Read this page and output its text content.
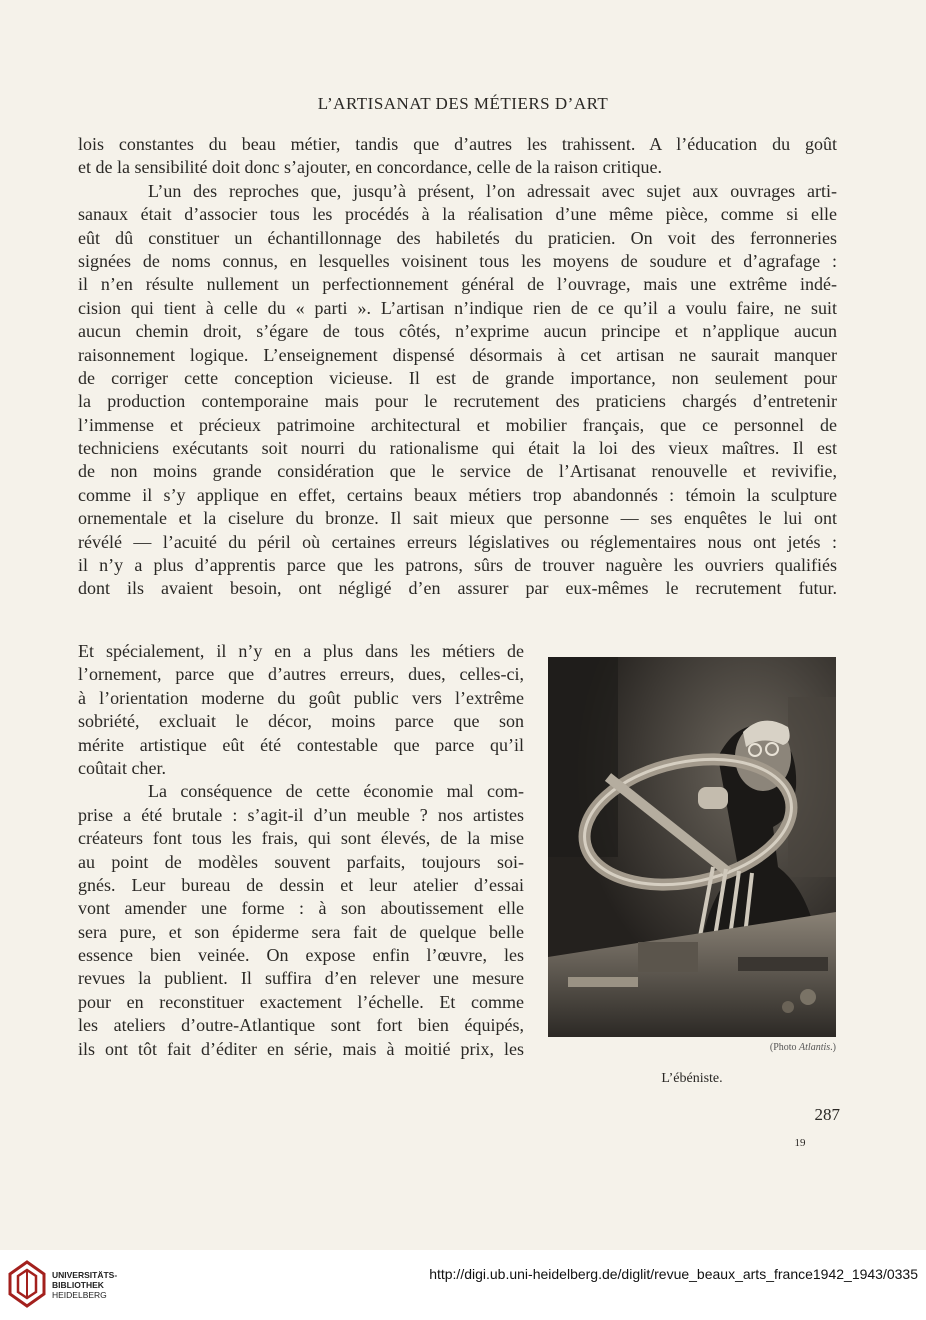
L’ARTISANAT DES MÉTIERS D’ART
lois constantes du beau métier, tandis que d’autres les trahissent. A l’éducation du goût
et de la sensibilité doit donc s’ajouter, en concordance, celle de la raison critique.
L’un des reproches que, jusqu’à présent, l’on adressait avec sujet aux ouvrages arti-
sanaux était d’associer tous les procédés à la réalisation d’une même pièce, comme si elle
eût dû constituer un échantillonnage des habiletés du praticien. On voit des ferronneries
signées de noms connus, en lesquelles voisinent tous les moyens de soudure et d’agrafage :
il n’en résulte nullement un perfectionnement général de l’ouvrage, mais une extrême indé-
cision qui tient à celle du « parti ». L’artisan n’indique rien de ce qu’il a voulu faire, ne suit
aucun chemin droit, s’égare de tous côtés, n’exprime aucun principe et n’applique aucun
raisonnement logique. L’enseignement dispensé désormais à cet artisan ne saurait manquer
de corriger cette conception vicieuse. Il est de grande importance, non seulement pour
la production contemporaine mais pour le recrutement des praticiens chargés d’entretenir
l’immense et précieux patrimoine architectural et mobilier français, que ce personnel de
techniciens exécutants soit nourri du rationalisme qui était la loi des vieux maîtres. Il est
de non moins grande considération que le service de l’Artisanat renouvelle et revivifie,
comme il s’y applique en effet, certains beaux métiers trop abandonnés : témoin la sculpture
ornementale et la ciselure du bronze. Il sait mieux que personne — ses enquêtes le lui ont
révélé — l’acuité du péril où certaines erreurs législatives ou réglementaires nous ont jetés :
il n’y a plus d’apprentis parce que les patrons, sûrs de trouver naguère les ouvriers qualifiés
dont ils avaient besoin, ont négligé d’en assurer par eux-mêmes le recrutement futur.
Et spécialement, il n’y en a plus dans les métiers de
l’ornement, parce que d’autres erreurs, dues, celles-ci,
à l’orientation moderne du goût public vers l’extrême
sobriété, excluait le décor, moins parce que son
mérite artistique eût été contestable que parce qu’il
coûtait cher.
La conséquence de cette économie mal com-
prise a été brutale : s’agit-il d’un meuble ? nos artistes
créateurs font tous les frais, qui sont élevés, de la mise
au point de modèles souvent parfaits, toujours soi-
gnés. Leur bureau de dessin et leur atelier d’essai
vont amender une forme : à son aboutissement elle
sera pure, et son épiderme sera fait de quelque belle
essence bien veinée. On expose enfin l’œuvre, les
revues la publient. Il suffira d’en relever une mesure
pour en reconstituer exactement l’échelle. Et comme
les ateliers d’outre-Atlantique sont fort bien équipés,
ils ont tôt fait d’éditer en série, mais à moitié prix, les	(Photo Atlantis.)
L’ébéniste.
287
19
UNIVERSITÄTS-
BIBLIOTHEK
HEIDELBERG
http://digi.ub.uni-heidelberg.de/diglit/revue_beaux_arts_france1942_1943/0335
